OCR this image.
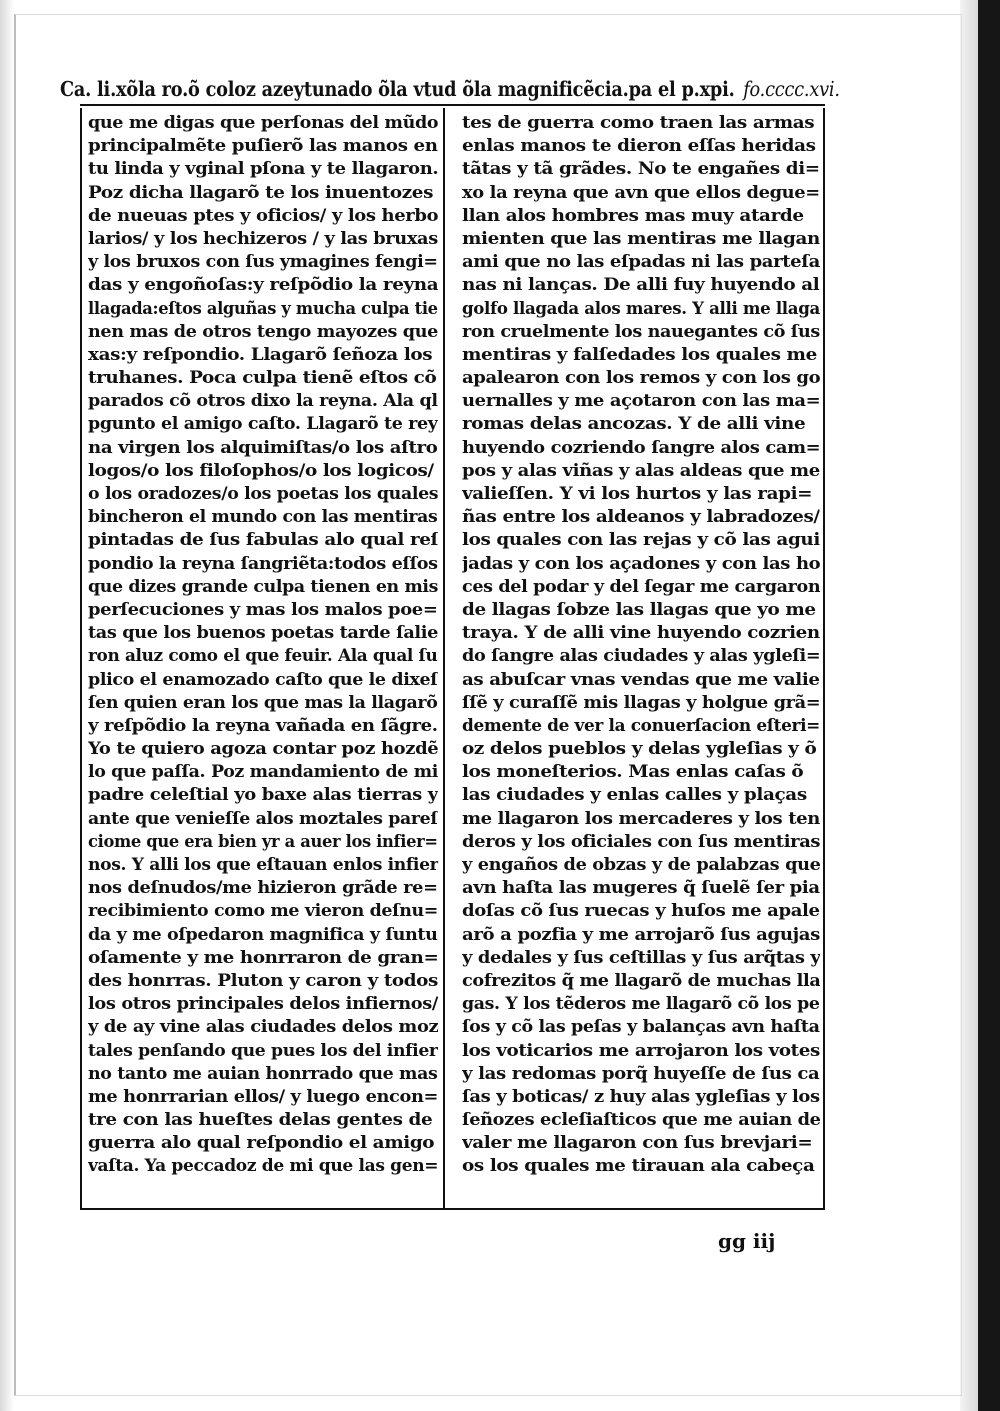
Ca. li.xõla ro.õ coloz azeytunado õla vtud õla magnificẽcia.pa el p.xpi. fo.cccc.xvi.
que me digas que perſonas del mũdo
principalmẽte puſierõ las manos en
tu linda y vginal pſona y te llagaron.
Poz dicha llagarõ te los inuentozes
de nueuas ptes y oficios/ y los herbo
larios/ y los hechizeros / y las bruxas
y los bruxos con ſus ymagines fengi=
das y engoñoſas:y reſpõdio la reyna
llagada:eſtos alguñas y mucha culpa tie
nen mas de otros tengo mayozes que
xas:y reſpondio. Llagarõ ſeñoza los
truhanes. Poca culpa tienẽ eſtos cõ
parados cõ otros dixo la reyna. Ala ql
pgunto el amigo caſto. Llagarõ te rey
na virgen los alquimiſtas/o los aſtro
logos/o los filoſophos/o los logicos/
o los oradozes/o los poetas los quales
bincheron el mundo con las mentiras
pintadas de ſus fabulas alo qual reſ
pondio la reyna ſangriẽta:todos eſſos
que dizes grande culpa tienen en mis
perſecuciones y mas los malos poe=
tas que los buenos poetas tarde ſalie
ron aluz como el que feuir. Ala qual ſu
plico el enamozado caſto que le dixeſ
ſen quien eran los que mas la llagarõ
y reſpõdio la reyna vañada en ſãgre.
Yo te quiero agoza contar poz hozdẽ
lo que paſſa. Poz mandamiento de mi
padre celeſtial yo baxe alas tierras y
ante que venieſſe alos moztales pareſ
ciome que era bien yr a auer los infier=
nos. Y alli los que eſtauan enlos infier
nos deſnudos/me hizieron grãde re=
recibimiento como me vieron deſnu=
da y me oſpedaron magnifica y ſuntu
oſamente y me honrraron de gran=
des honrras. Pluton y caron y todos
los otros principales delos infiernos/
y de ay vine alas ciudades delos moz
tales penſando que pues los del infier
no tanto me auian honrrado que mas
me honrrarian ellos/ y luego encon=
tre con las hueſtes delas gentes de
guerra alo qual reſpondio el amigo
vaſta. Ya peccadoz de mi que las gen=
tes de guerra como traen las armas
enlas manos te dieron eſſas heridas
tãtas y tã grãdes. No te engañes di=
xo la reyna que avn que ellos degue=
llan alos hombres mas muy atarde
mienten que las mentiras me llagan
ami que no las eſpadas ni las parteſa
nas ni lanças. De alli fuy huyendo al
golfo llagada alos mares. Y alli me llaga
ron cruelmente los nauegantes cõ ſus
mentiras y falſedades los quales me
apalearon con los remos y con los go
uernalles y me açotaron con las ma=
romas delas ancozas. Y de alli vine
huyendo cozriendo ſangre alos cam=
pos y alas viñas y alas aldeas que me
valieſſen. Y vi los hurtos y las rapi=
ñas entre los aldeanos y labradozes/
los quales con las rejas y cõ las agui
jadas y con los açadones y con las ho
ces del podar y del ſegar me cargaron
de llagas ſobze las llagas que yo me
traya. Y de alli vine huyendo cozrien
do ſangre alas ciudades y alas ygleſi=
as abuſcar vnas vendas que me valie
ſſẽ y curaſſẽ mis llagas y holgue grã=
demente de ver la conuerſacion eſteri=
oz delos pueblos y delas ygleſias y õ
los moneſterios. Mas enlas caſas õ
las ciudades y enlas calles y plaças
me llagaron los mercaderes y los ten
deros y los oficiales con ſus mentiras
y engaños de obzas y de palabzas que
avn haſta las mugeres q̃ ſuelẽ ſer pia
doſas cõ ſus ruecas y huſos me apale
arõ a pozfia y me arrojarõ ſus agujas
y dedales y ſus ceſtillas y ſus arq̃tas y
cofrezitos q̃ me llagarõ de muchas lla
gas. Y los tẽderos me llagarõ cõ los pe
ſos y cõ las peſas y balanças avn haſta
los voticarios me arrojaron los votes
y las redomas porq̃ huyeſſe de ſus ca
ſas y boticas/ z huy alas ygleſias y los
ſeñozes ecleſiaſticos que me auian de
valer me llagaron con ſus brevjari=
os los quales me tirauan ala cabeça
gg iij
